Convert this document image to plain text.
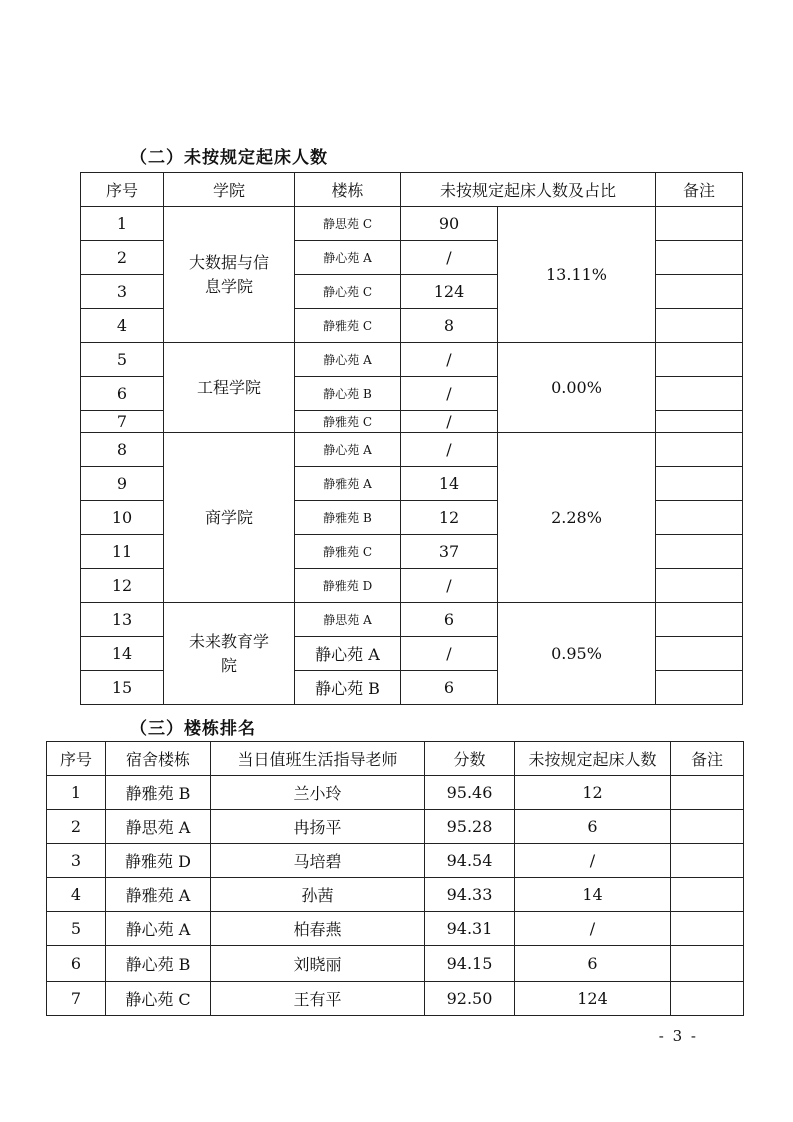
（二）未按规定起床人数
序号	学院	楼栋	未按规定起床人数及占比		备注
1	大数据与信息学院	静思苑 C	90	13.11%	
2		静心苑 A	/		
3		静心苑 C	124		
4		静雅苑 C	8		
5	工程学院	静心苑 A	/	0.00%	
6		静心苑 B	/		
7		静雅苑 C	/		
8	商学院	静心苑 A	/	2.28%	
9		静雅苑 A	14		
10		静雅苑 B	12		
11		静雅苑 C	37		
12		静雅苑 D	/		
13	未来教育学院	静思苑 A	6	0.95%	
14		静心苑 A	/		
15		静心苑 B	6		
（三）楼栋排名
序号	宿舍楼栋	当日值班生活指导老师	分数	未按规定起床人数	备注
1	静雅苑 B	兰小玲	95.46	12	
2	静思苑 A	冉扬平	95.28	6	
3	静雅苑 D	马培碧	94.54	/	
4	静雅苑 A	孙茜	94.33	14	
5	静心苑 A	柏春燕	94.31	/	
6	静心苑 B	刘晓丽	94.15	6	
7	静心苑 C	王有平	92.50	124	
- 3 -
